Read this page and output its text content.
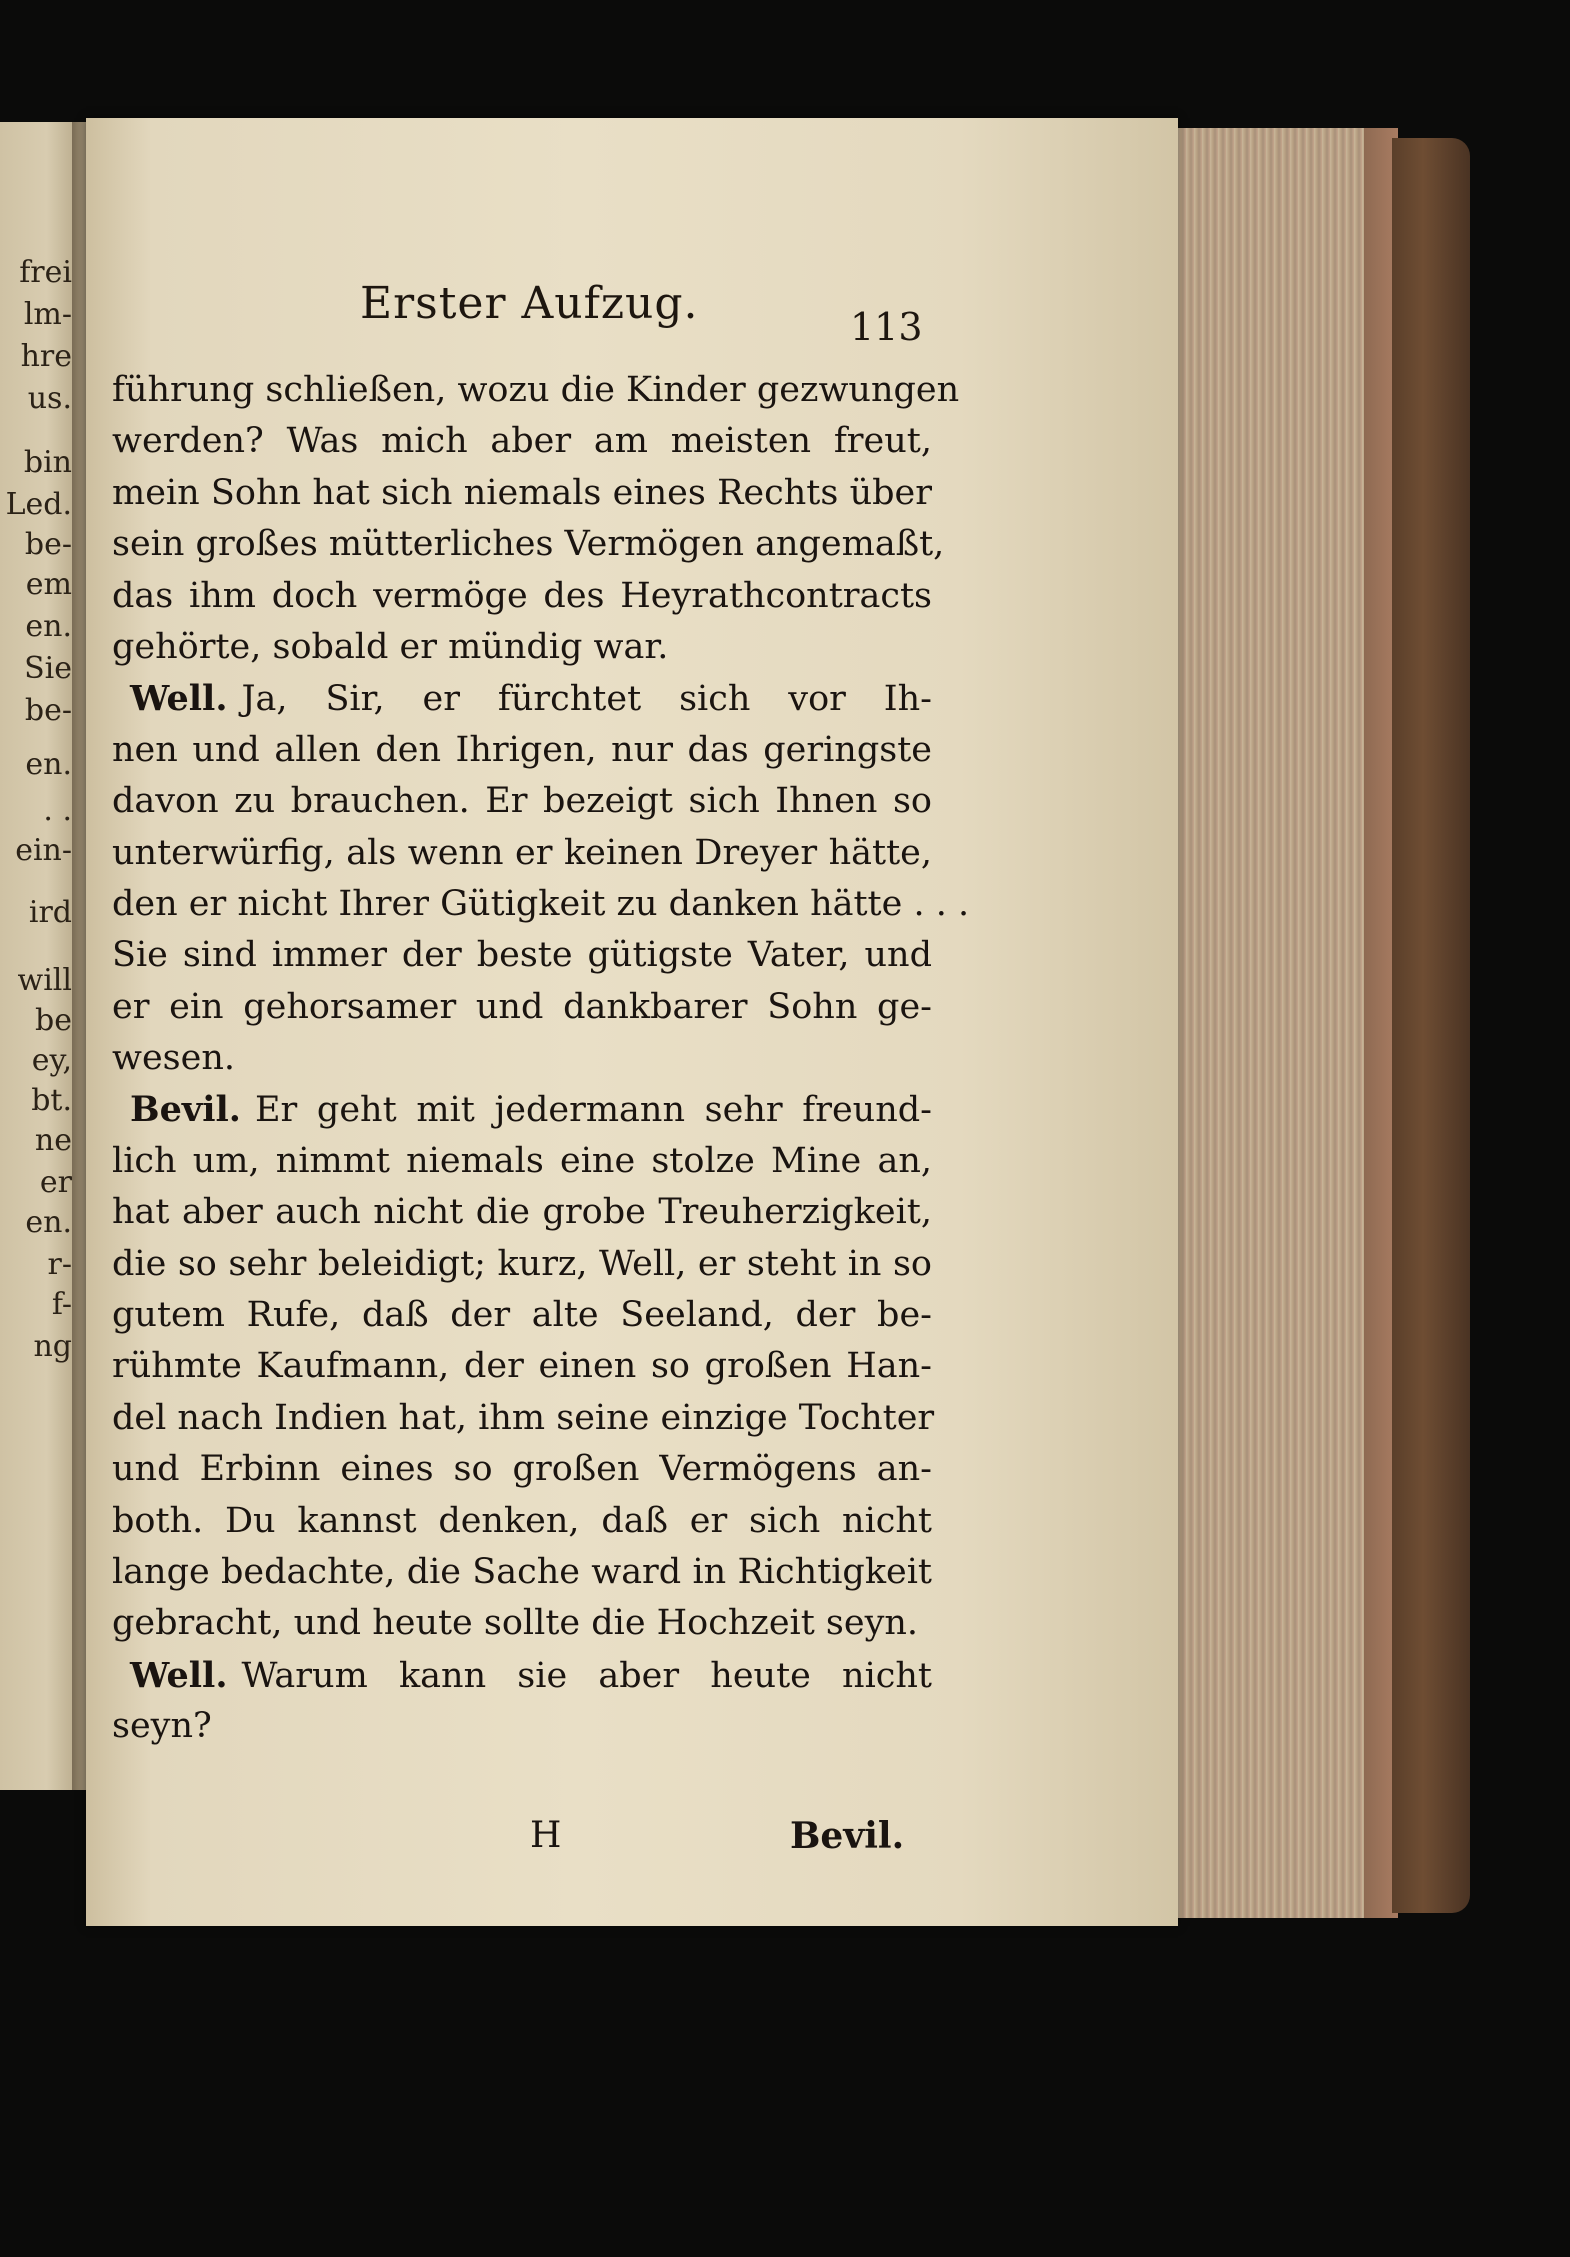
frei
lm-
hre
us.
bin
Led.
be-
em
en.
Sie
be-
en.
. .
ein-
ird
will
be
ey,
bt.
ne
er
en.
r-
f-
ng
Erster Aufzug.	113
führung schließen, wozu die Kinder gezwungen
werden? Was mich aber am meisten freut,
mein Sohn hat sich niemals eines Rechts über
sein großes mütterliches Vermögen angemaßt,
das ihm doch vermöge des Heyrathcontracts
gehörte, sobald er mündig war.
Well. Ja, Sir, er fürchtet sich vor Ih-
nen und allen den Ihrigen, nur das geringste
davon zu brauchen. Er bezeigt sich Ihnen so
unterwürfig, als wenn er keinen Dreyer hätte,
den er nicht Ihrer Gütigkeit zu danken hätte . . .
Sie sind immer der beste gütigste Vater, und
er ein gehorsamer und dankbarer Sohn ge-
wesen.
Bevil. Er geht mit jedermann sehr freund-
lich um, nimmt niemals eine stolze Mine an,
hat aber auch nicht die grobe Treuherzigkeit,
die so sehr beleidigt; kurz, Well, er steht in so
gutem Rufe, daß der alte Seeland, der be-
rühmte Kaufmann, der einen so großen Han-
del nach Indien hat, ihm seine einzige Tochter
und Erbinn eines so großen Vermögens an-
both. Du kannst denken, daß er sich nicht
lange bedachte, die Sache ward in Richtigkeit
gebracht, und heute sollte die Hochzeit seyn.
Well. Warum kann sie aber heute nicht
seyn?
H	Bevil.
